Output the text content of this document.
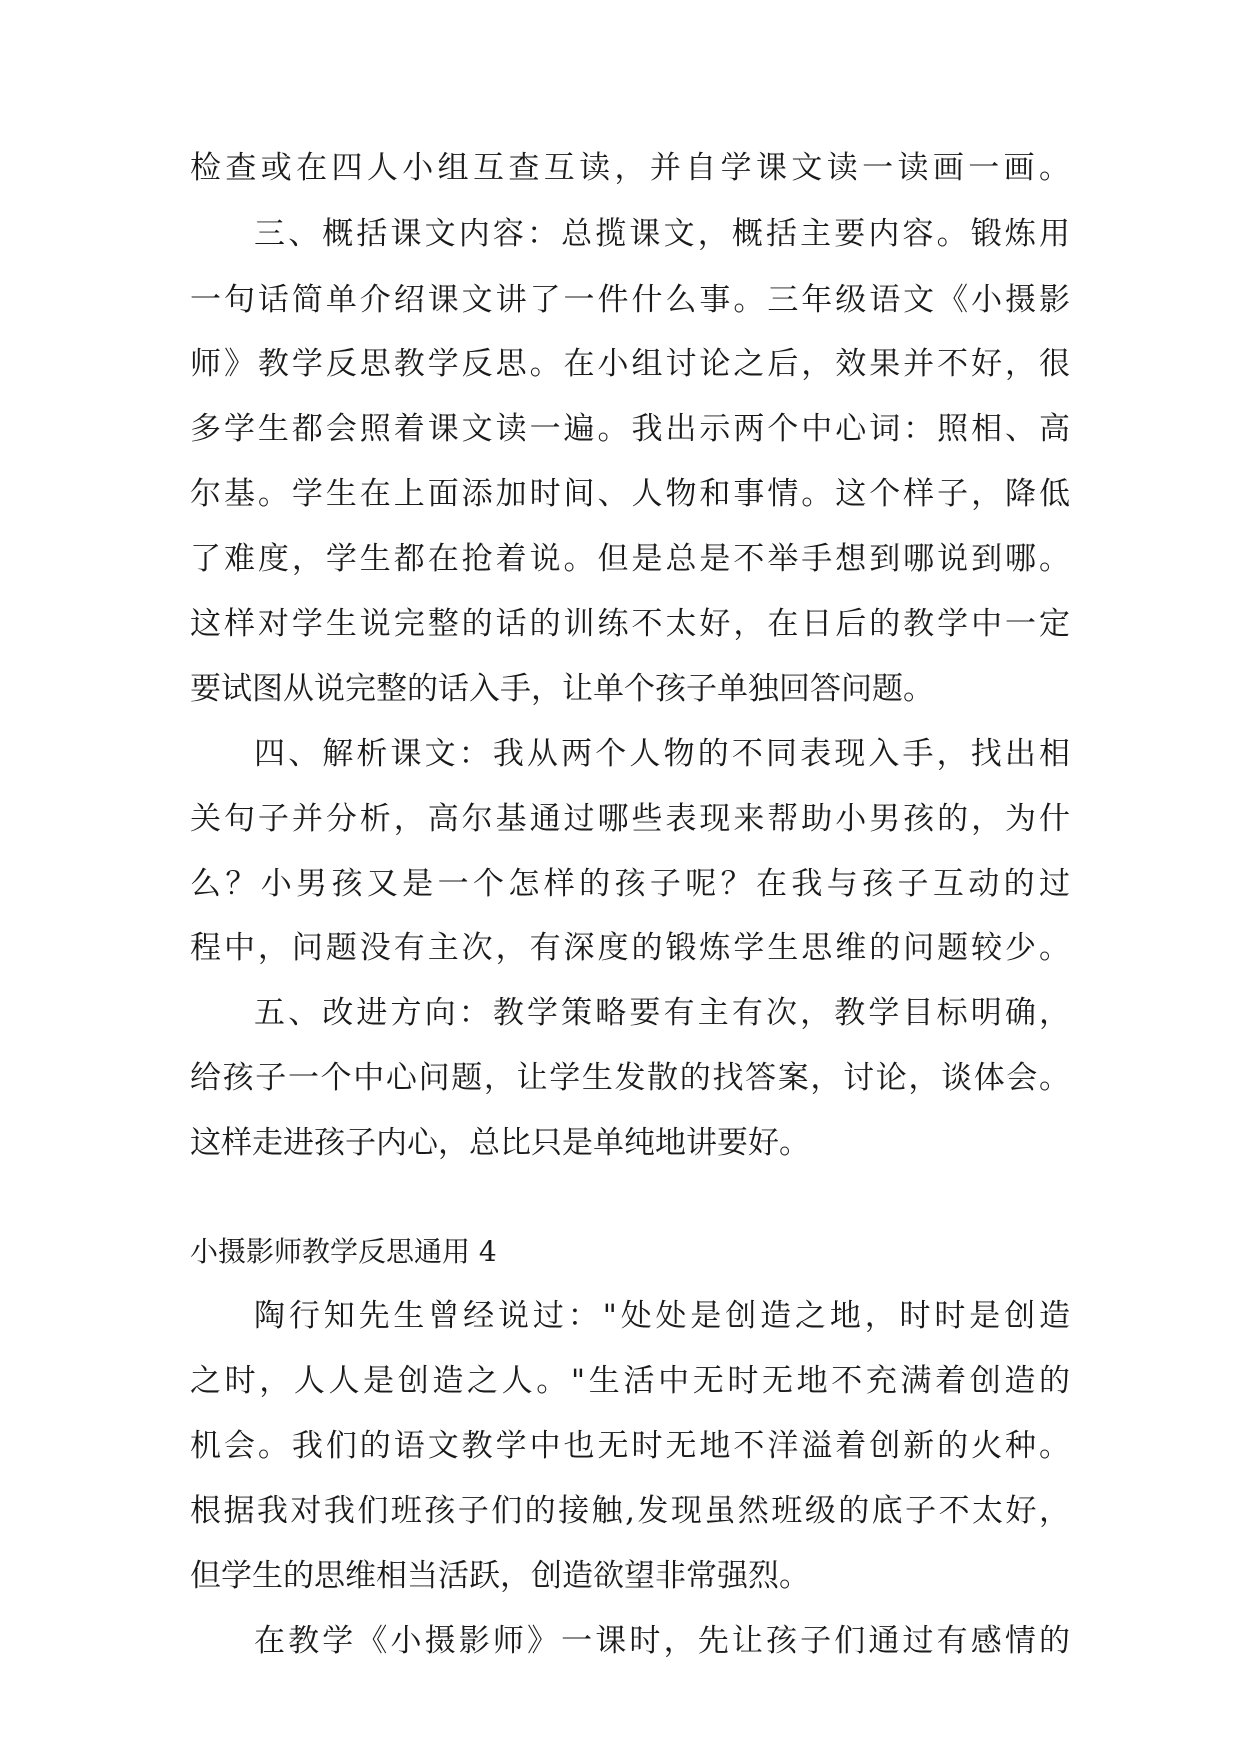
检查或在四人小组互查互读，并自学课文读一读画一画。
三、概括课文内容：总揽课文，概括主要内容。锻炼用
一句话简单介绍课文讲了一件什么事。三年级语文《小摄影
师》教学反思教学反思。在小组讨论之后，效果并不好，很
多学生都会照着课文读一遍。我出示两个中心词：照相、高
尔基。学生在上面添加时间、人物和事情。这个样子，降低
了难度，学生都在抢着说。但是总是不举手想到哪说到哪。
这样对学生说完整的话的训练不太好，在日后的教学中一定
要试图从说完整的话入手，让单个孩子单独回答问题。
四、解析课文：我从两个人物的不同表现入手，找出相
关句子并分析，高尔基通过哪些表现来帮助小男孩的，为什
么？小男孩又是一个怎样的孩子呢？在我与孩子互动的过
程中，问题没有主次，有深度的锻炼学生思维的问题较少。
五、改进方向：教学策略要有主有次，教学目标明确，
给孩子一个中心问题，让学生发散的找答案，讨论，谈体会。
这样走进孩子内心，总比只是单纯地讲要好。
小摄影师教学反思通用 4
陶行知先生曾经说过："处处是创造之地，时时是创造
之时，人人是创造之人。"生活中无时无地不充满着创造的
机会。我们的语文教学中也无时无地不洋溢着创新的火种。
根据我对我们班孩子们的接触,发现虽然班级的底子不太好，
但学生的思维相当活跃，创造欲望非常强烈。
在教学《小摄影师》一课时，先让孩子们通过有感情的
